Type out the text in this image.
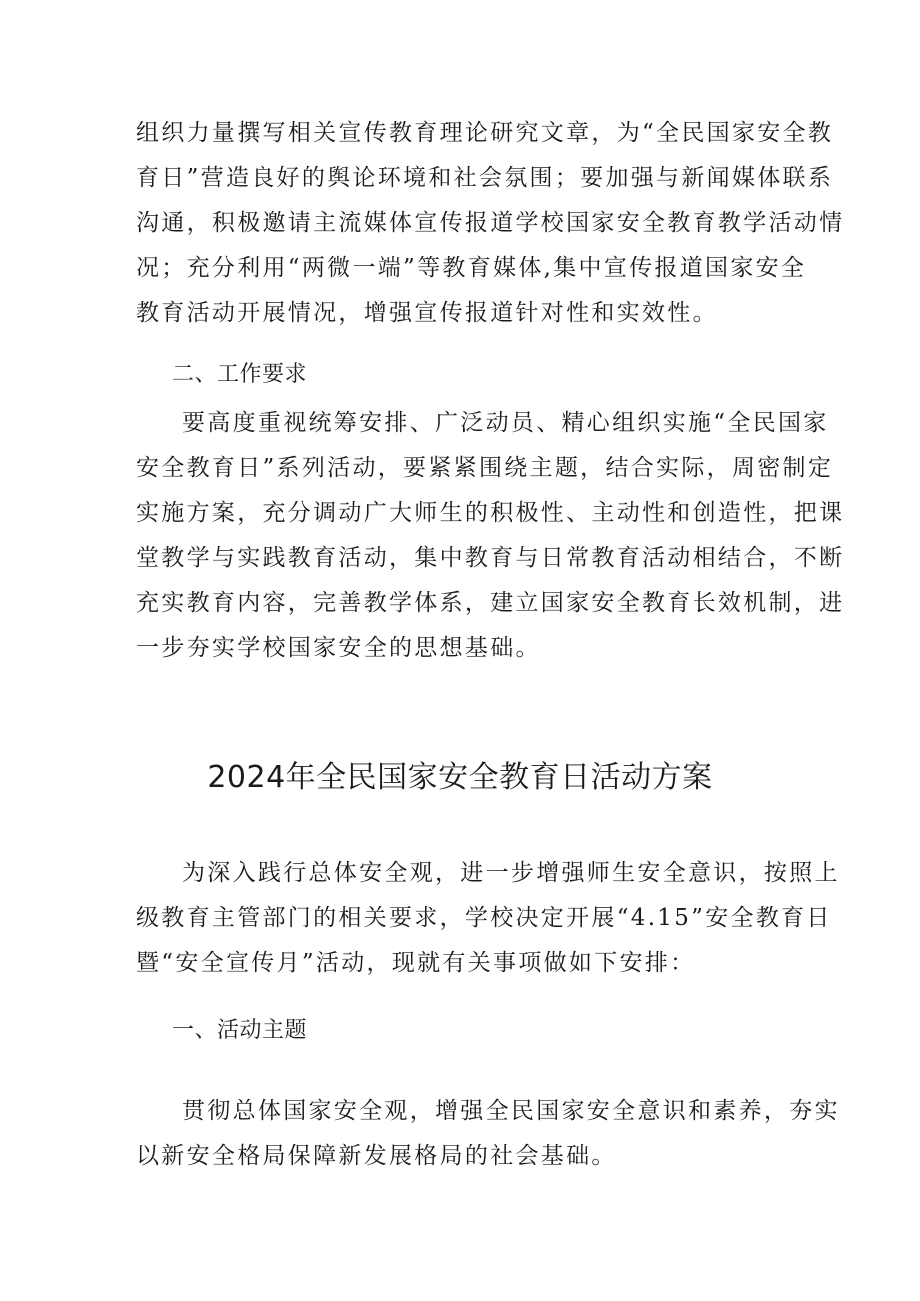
组织力量撰写相关宣传教育理论研究文章，为“全民国家安全教
育日”营造良好的舆论环境和社会氛围；要加强与新闻媒体联系
沟通，积极邀请主流媒体宣传报道学校国家安全教育教学活动情
况；充分利用“两微一端”等教育媒体,集中宣传报道国家安全
教育活动开展情况，增强宣传报道针对性和实效性。
二、工作要求
要高度重视统筹安排、广泛动员、精心组织实施“全民国家
安全教育日”系列活动，要紧紧围绕主题，结合实际，周密制定
实施方案，充分调动广大师生的积极性、主动性和创造性，把课
堂教学与实践教育活动，集中教育与日常教育活动相结合，不断
充实教育内容，完善教学体系，建立国家安全教育长效机制，进
一步夯实学校国家安全的思想基础。
2024年全民国家安全教育日活动方案
为深入践行总体安全观，进一步增强师生安全意识，按照上
级教育主管部门的相关要求，学校决定开展“4.15”安全教育日
暨“安全宣传月”活动，现就有关事项做如下安排：
一、活动主题
贯彻总体国家安全观，增强全民国家安全意识和素养，夯实
以新安全格局保障新发展格局的社会基础。
